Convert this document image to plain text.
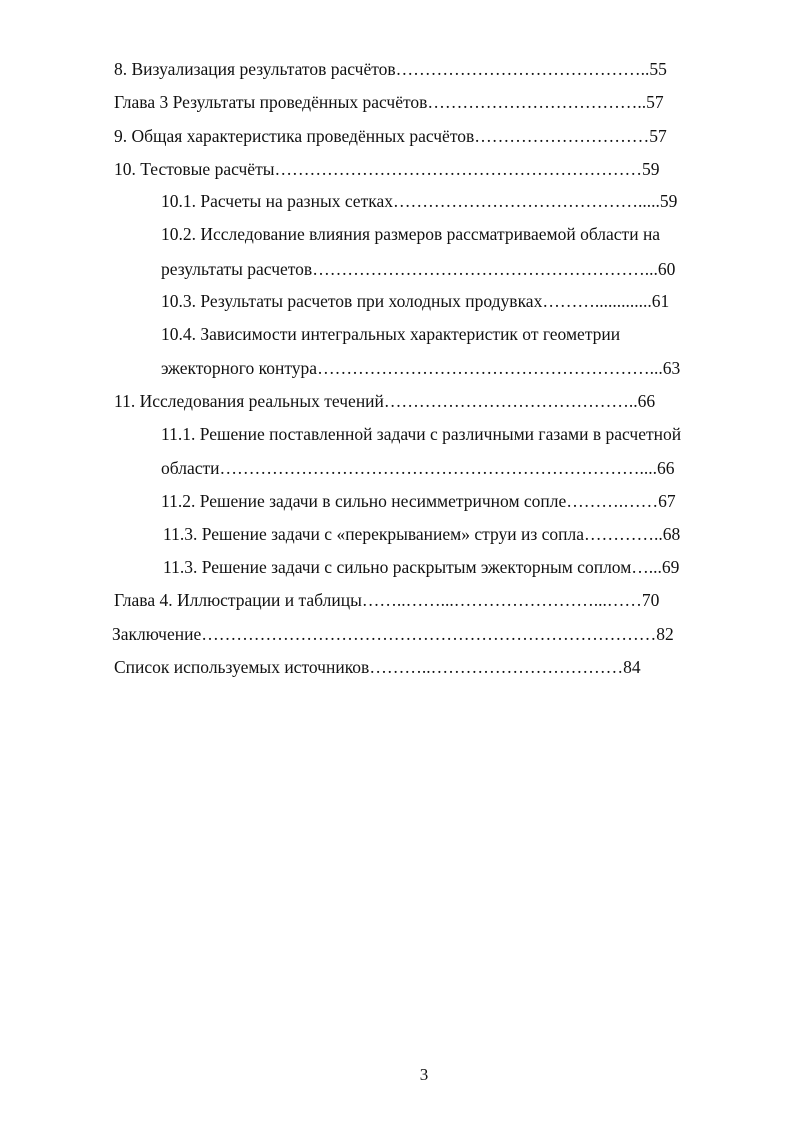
8. Визуализация результатов расчётов……………………………………..55
Глава 3 Результаты проведённых расчётов………………………………..57
9. Общая характеристика проведённых расчётов…………………………57
10. Тестовые расчёты………………………………………………………59
10.1. Расчеты на разных сетках…………………………………….....59
10.2. Исследование влияния размеров рассматриваемой области на
результаты расчетов…………………………………………………...60
10.3. Результаты расчетов при холодных продувках……….............61
10.4. Зависимости интегральных характеристик от геометрии
эжекторного контура…………………………………………………...63
11. Исследования реальных течений……………………………………..66
11.1. Решение поставленной задачи с различными газами в расчетной
области………………………………………………………………....66
11.2. Решение задачи в сильно несимметричном сопле……….……67
11.3. Решение задачи с «перекрыванием» струи из сопла…………..68
11.3. Решение задачи с сильно раскрытым эжекторным соплом…...69
Глава 4. Иллюстрации и таблицы……..……...……………………...……70
Заключение……………………………………………………………………82
Список используемых источников………..……………………………84
3
